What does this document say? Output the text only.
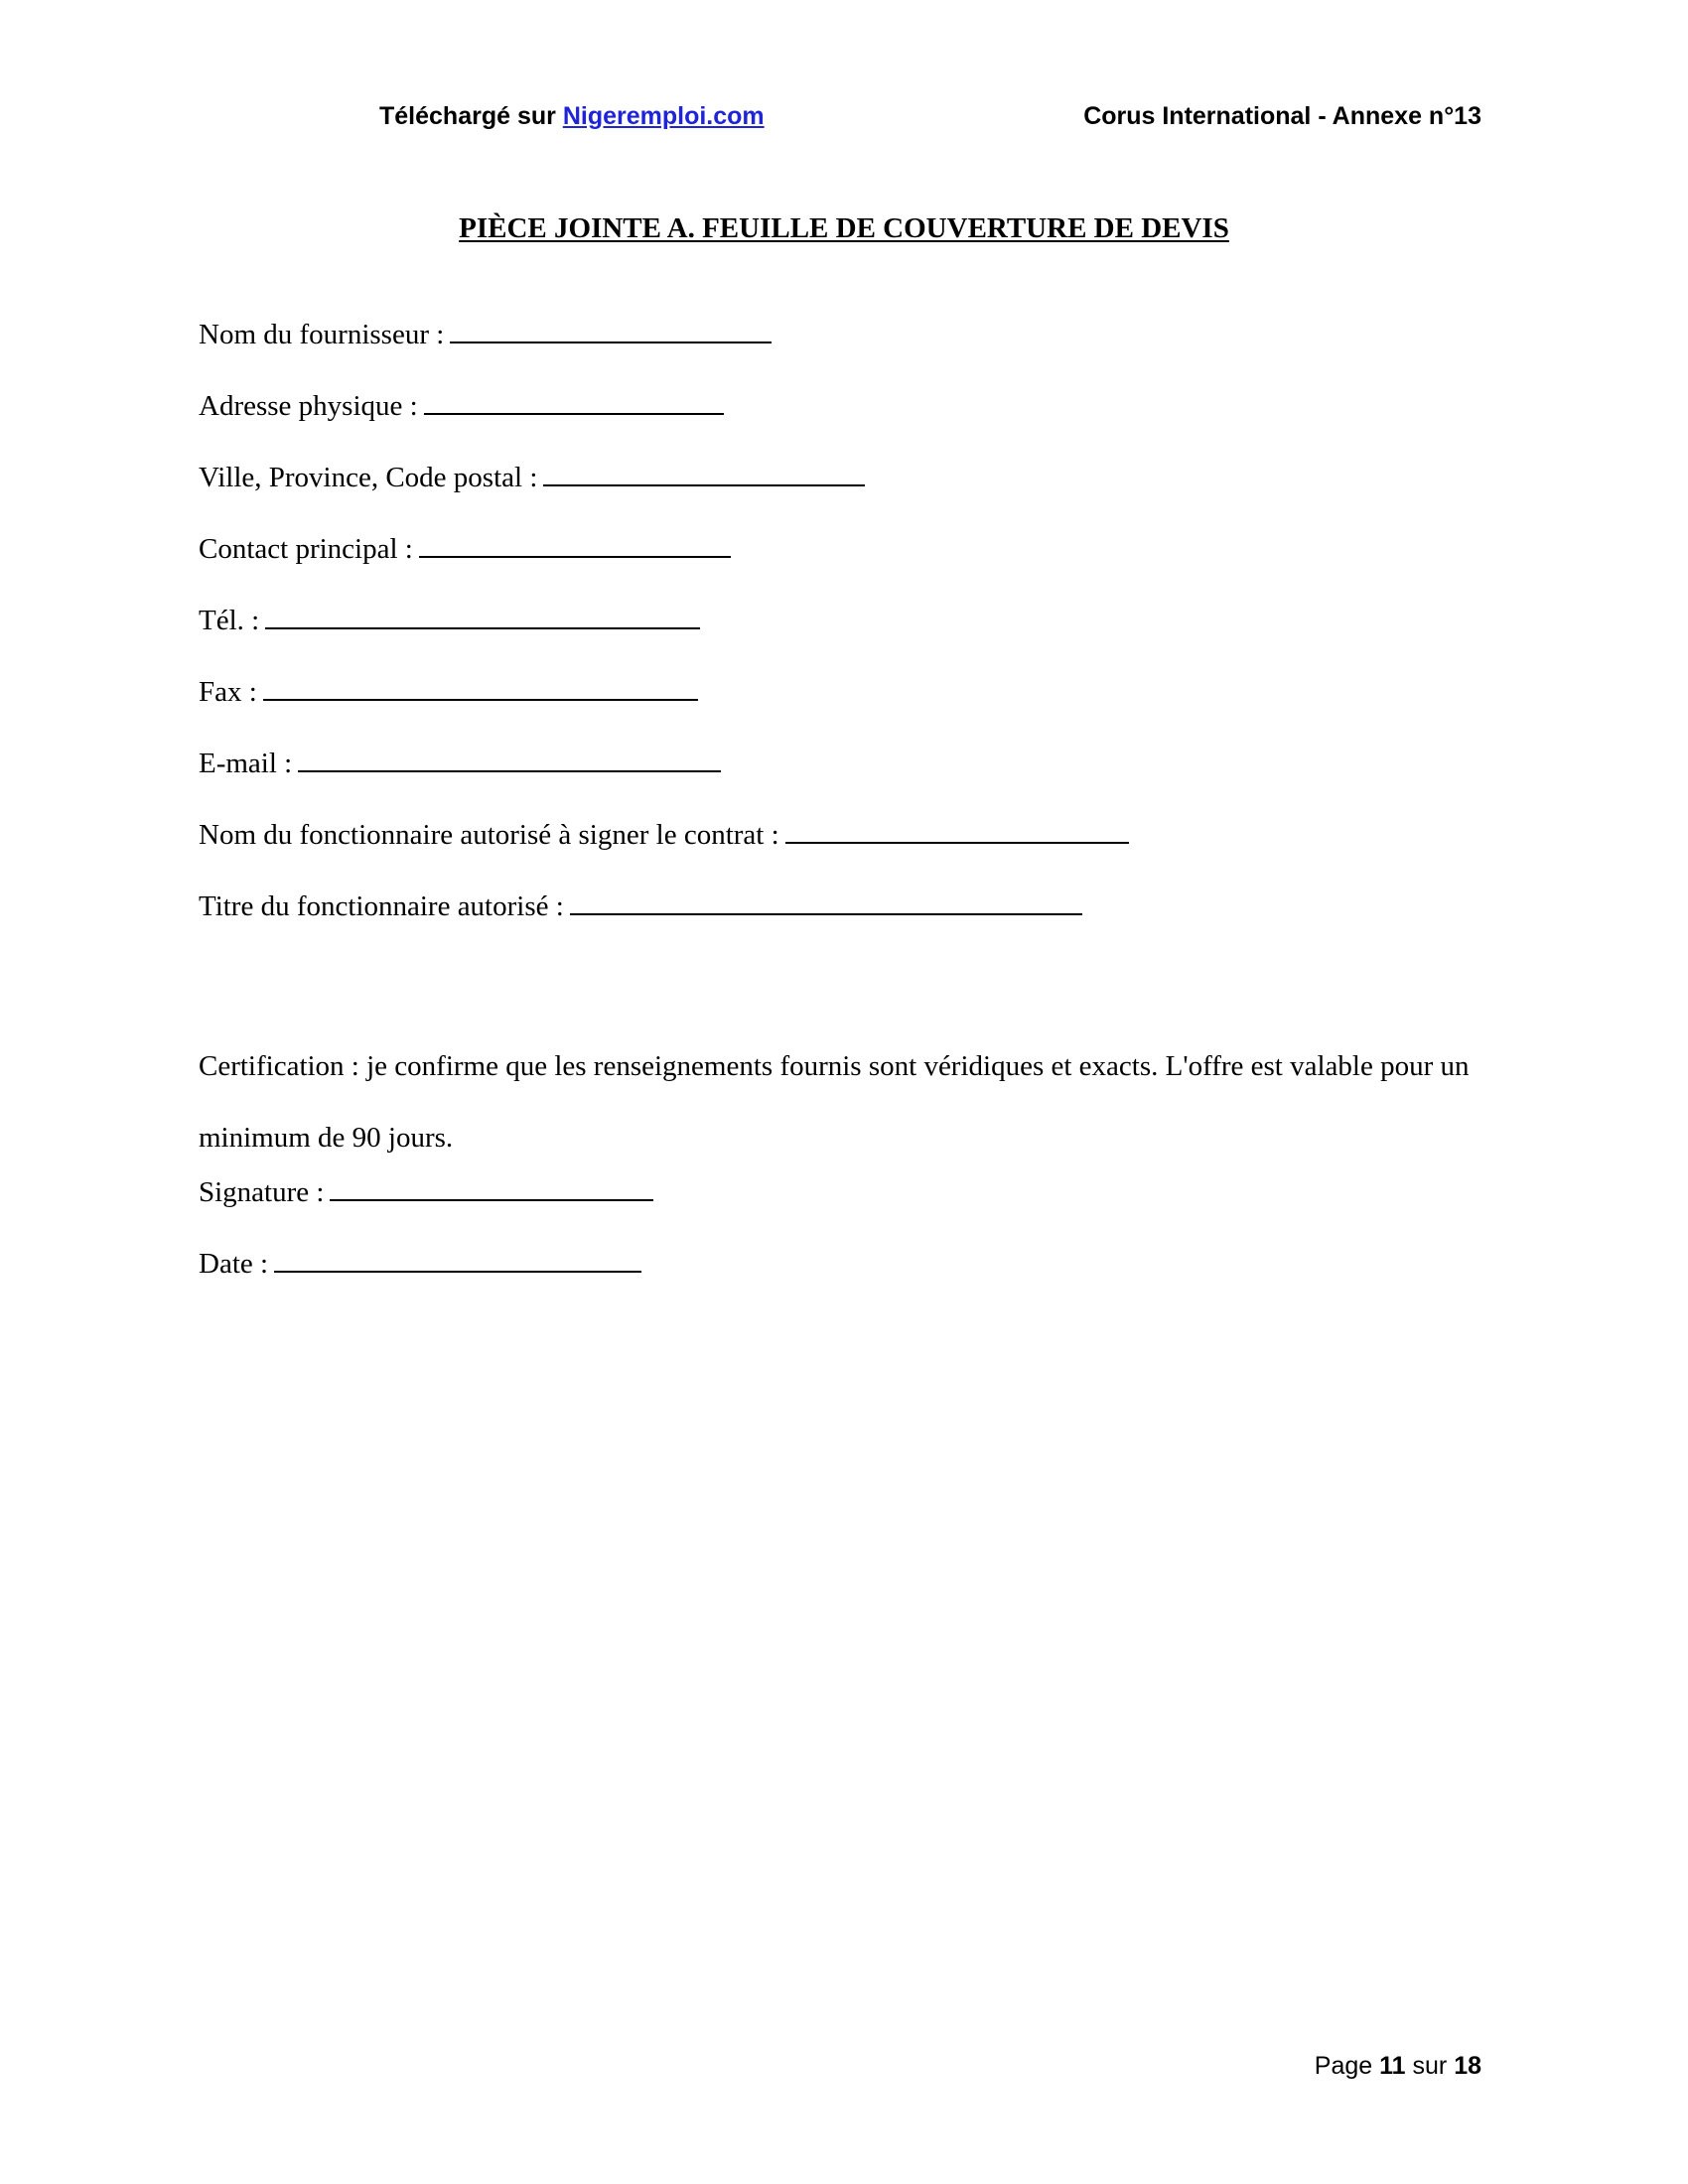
Téléchargé sur Nigeremploi.com	Corus International - Annexe n°13
PIÈCE JOINTE A. FEUILLE DE COUVERTURE DE DEVIS
Nom du fournisseur :
Adresse physique :
Ville, Province, Code postal :
Contact principal :
Tél. :
Fax :
E-mail :
Nom du fonctionnaire autorisé à signer le contrat :
Titre du fonctionnaire autorisé :
Certification : je confirme que les renseignements fournis sont véridiques et exacts. L'offre est valable pour un minimum de 90 jours.
Signature :
Date :
Page 11 sur 18
